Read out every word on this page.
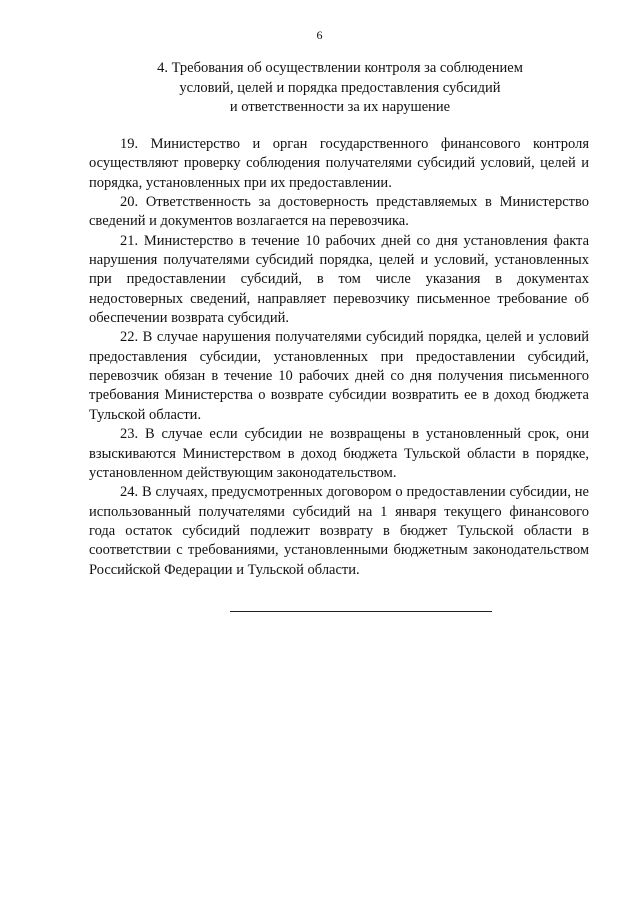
6
4. Требования об осуществлении контроля за соблюдением
условий, целей и порядка предоставления субсидий
и ответственности за их нарушение

19. Министерство и орган государственного финансового контроля осуществляют проверку соблюдения получателями субсидий условий, целей и порядка, установленных при их предоставлении.

20. Ответственность за достоверность представляемых в Министерство сведений и документов возлагается на перевозчика.

21. Министерство в течение 10 рабочих дней со дня установления факта нарушения получателями субсидий порядка, целей и условий, установленных при предоставлении субсидий, в том числе указания в документах недостоверных сведений, направляет перевозчику письменное требование об обеспечении возврата субсидий.

22. В случае нарушения получателями субсидий порядка, целей и условий предоставления субсидии, установленных при предоставлении субсидий, перевозчик обязан в течение 10 рабочих дней со дня получения письменного требования Министерства о возврате субсидии возвратить ее в доход бюджета Тульской области.

23. В случае если субсидии не возвращены в установленный срок, они взыскиваются Министерством в доход бюджета Тульской области в порядке, установленном действующим законодательством.

24. В случаях, предусмотренных договором о предоставлении субсидии, не использованный получателями субсидий на 1 января текущего финансового года остаток субсидий подлежит возврату в бюджет Тульской области в соответствии с требованиями, установленными бюджетным законодательством Российской Федерации и Тульской области.
